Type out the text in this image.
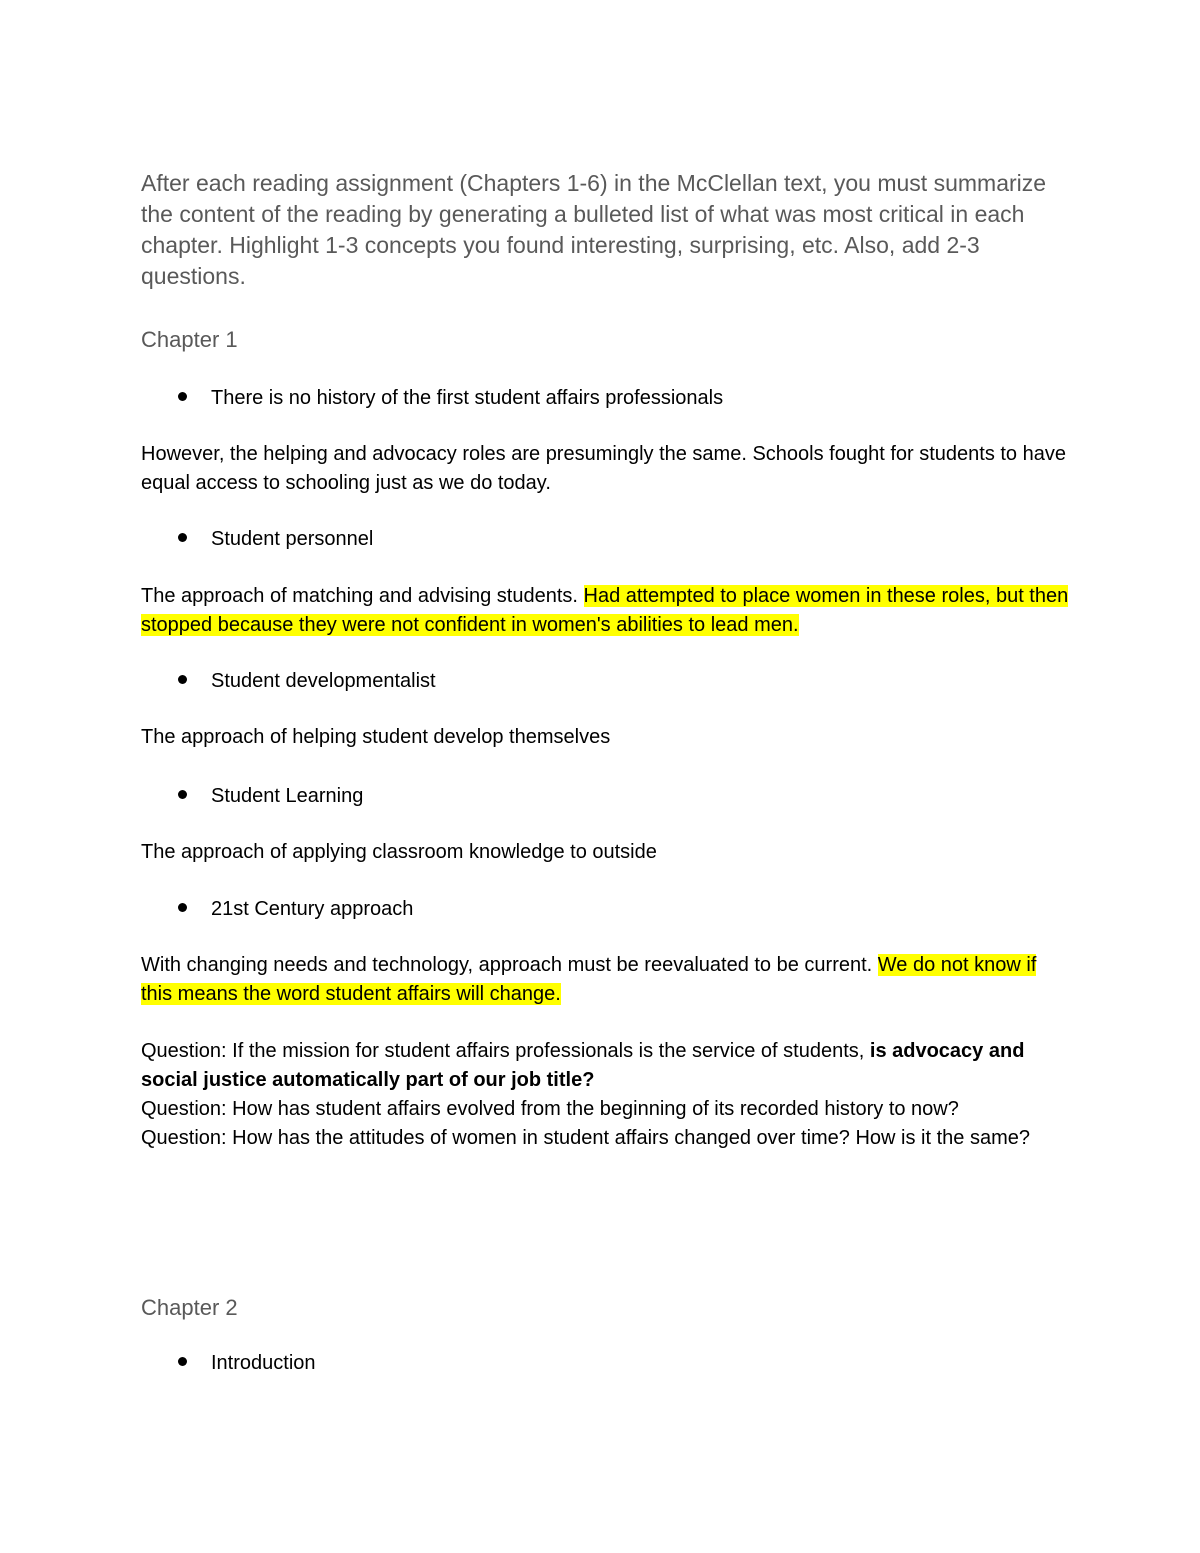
After each reading assignment (Chapters 1-6) in the McClellan text, you must summarize the content of the reading by generating a bulleted list of what was most critical in each chapter. Highlight 1-3 concepts you found interesting, surprising, etc. Also, add 2-3 questions.
Chapter 1
There is no history of the first student affairs professionals
However, the helping and advocacy roles are presumingly the same. Schools fought for students to have equal access to schooling just as we do today.
Student personnel
The approach of matching and advising students. Had attempted to place women in these roles, but then stopped because they were not confident in women's abilities to lead men.
Student developmentalist
The approach of helping student develop themselves
Student Learning
The approach of applying classroom knowledge to outside
21st Century approach
With changing needs and technology, approach must be reevaluated to be current. We do not know if this means the word student affairs will change.
Question: If the mission for student affairs professionals is the service of students, is advocacy and social justice automatically part of our job title?
Question: How has student affairs evolved from the beginning of its recorded history to now?
Question: How has the attitudes of women in student affairs changed over time? How is it the same?
Chapter 2
Introduction
